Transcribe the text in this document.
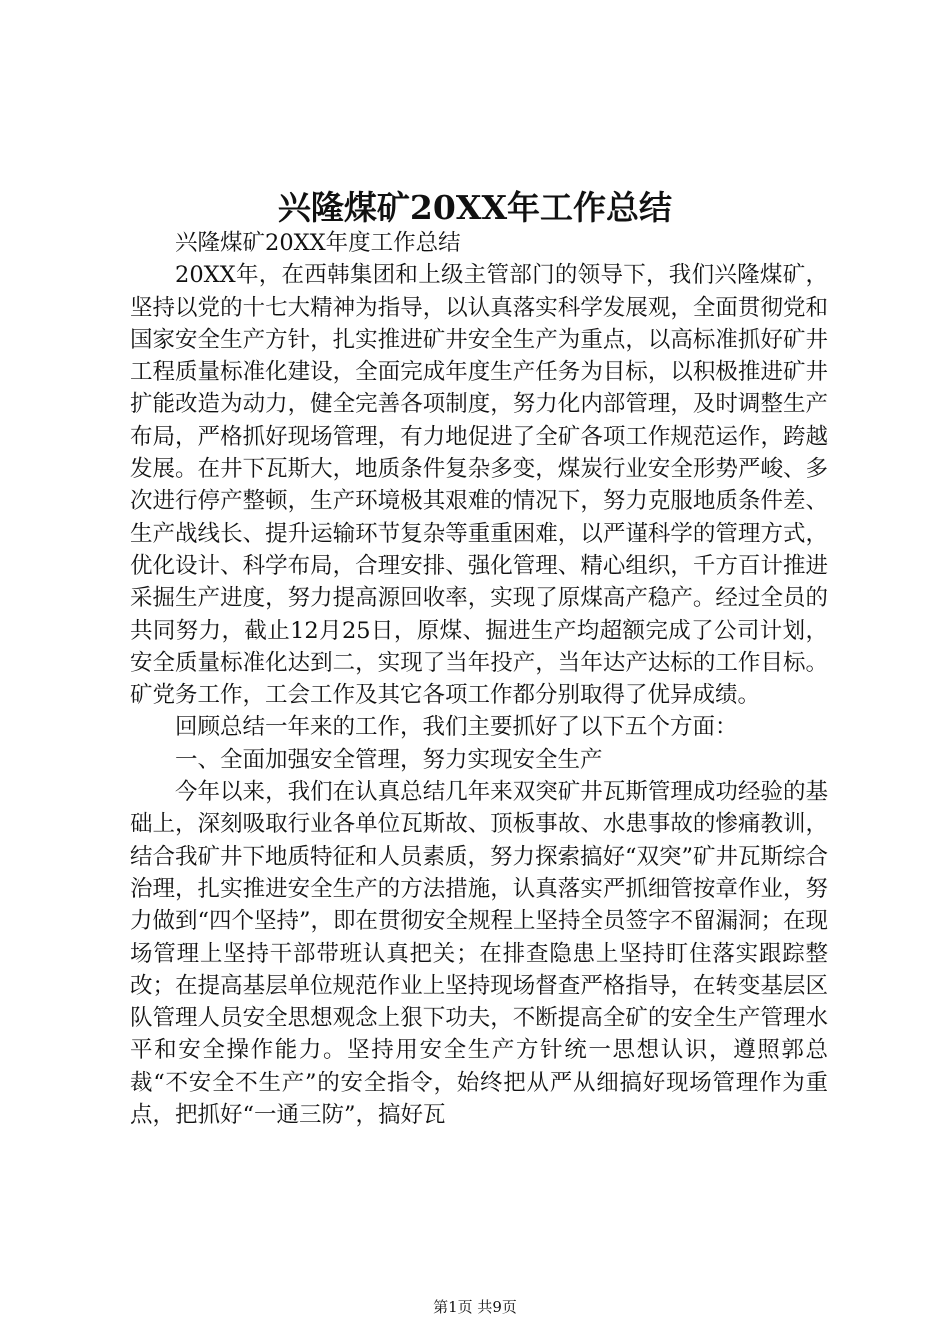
兴隆煤矿20XX年工作总结

兴隆煤矿20XX年度工作总结

20XX年，在西韩集团和上级主管部门的领导下，我们兴隆煤矿，坚持以党的十七大精神为指导，以认真落实科学发展观，全面贯彻党和国家安全生产方针，扎实推进矿井安全生产为重点，以高标准抓好矿井工程质量标准化建设，全面完成年度生产任务为目标，以积极推进矿井扩能改造为动力，健全完善各项制度，努力化内部管理，及时调整生产布局，严格抓好现场管理，有力地促进了全矿各项工作规范运作，跨越发展。在井下瓦斯大，地质条件复杂多变，煤炭行业安全形势严峻、多次进行停产整顿，生产环境极其艰难的情况下，努力克服地质条件差、生产战线长、提升运输环节复杂等重重困难，以严谨科学的管理方式，优化设计、科学布局，合理安排、强化管理、精心组织，千方百计推进采掘生产进度，努力提高源回收率，实现了原煤高产稳产。经过全员的共同努力，截止12月25日，原煤、掘进生产均超额完成了公司计划，安全质量标准化达到二，实现了当年投产，当年达产达标的工作目标。矿党务工作，工会工作及其它各项工作都分别取得了优异成绩。

回顾总结一年来的工作，我们主要抓好了以下五个方面：

一、全面加强安全管理，努力实现安全生产

今年以来，我们在认真总结几年来双突矿井瓦斯管理成功经验的基础上，深刻吸取行业各单位瓦斯故、顶板事故、水患事故的惨痛教训，结合我矿井下地质特征和人员素质，努力探索搞好“双突”矿井瓦斯综合治理，扎实推进安全生产的方法措施，认真落实严抓细管按章作业，努力做到“四个坚持”，即在贯彻安全规程上坚持全员签字不留漏洞；在现场管理上坚持干部带班认真把关；在排查隐患上坚持盯住落实跟踪整改；在提高基层单位规范作业上坚持现场督查严格指导，在转变基层区队管理人员安全思想观念上狠下功夫，不断提高全矿的安全生产管理水平和安全操作能力。坚持用安全生产方针统一思想认识，遵照郭总裁“不安全不生产”的安全指令，始终把从严从细搞好现场管理作为重点，把抓好“一通三防”，搞好瓦

第1页 共9页
